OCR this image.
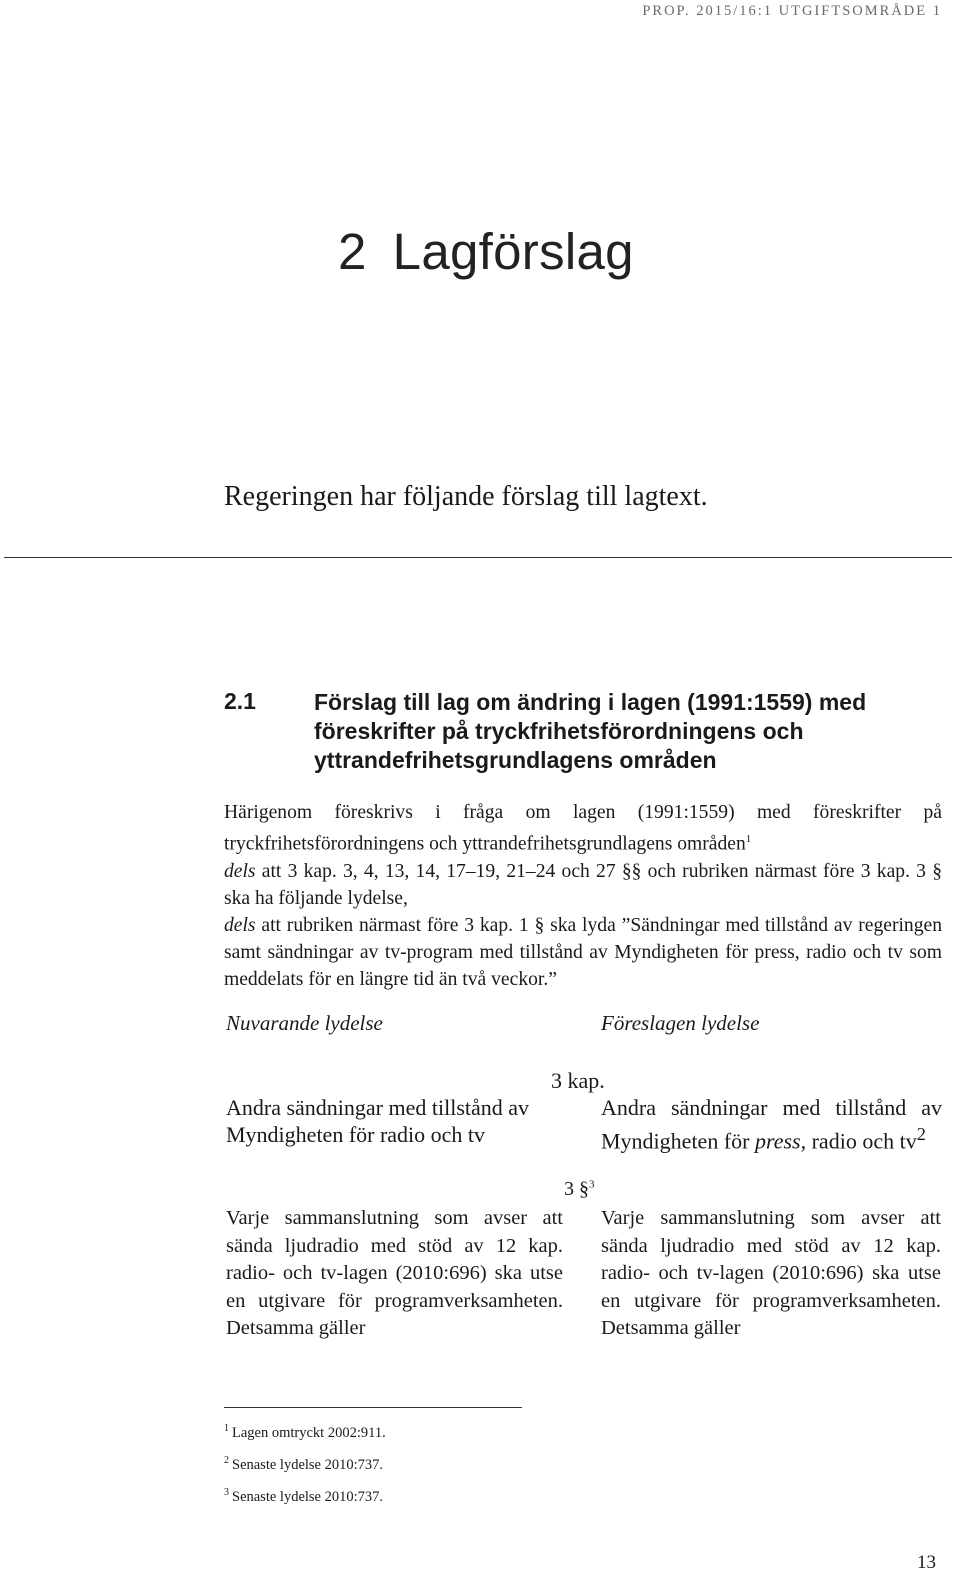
PROP. 2015/16:1 UTGIFTSOMRÅDE 1
2 Lagförslag

Regeringen har följande förslag till lagtext.

2.1	Förslag till lag om ändring i lagen (1991:1559) med föreskrifter på tryckfrihetsförordningens och yttrandefrihetsgrundlagens områden

Härigenom föreskrivs i fråga om lagen (1991:1559) med föreskrifter på tryckfrihetsförordningens och yttrandefrihetsgrundlagens områden$^1$

dels att 3 kap. 3, 4, 13, 14, 17–19, 21–24 och 27 §§ och rubriken närmast före 3 kap. 3 § ska ha följande lydelse,

dels att rubriken närmast före 3 kap. 1 § ska lyda ”Sändningar med tillstånd av regeringen samt sändningar av tv-program med tillstånd av Myndigheten för press, radio och tv som meddelats för en längre tid än två veckor.”

Nuvarande lydelse	Föreslagen lydelse
3 kap.

Andra sändningar med tillstånd av Myndigheten för radio och tv

Andra sändningar med tillstånd av Myndigheten för press, radio och $tv^2$

3 §$^3$

Varje sammanslutning som avser att sända ljudradio med stöd av 12 kap. radio- och tv-lagen (2010:696) ska utse en utgivare för programverksamheten. Detsamma gäller

Varje sammanslutning som avser att sända ljudradio med stöd av 12 kap. radio- och tv-lagen (2010:696) ska utse en utgivare för programverksamheten. Detsamma gäller

$^1$ Lagen omtryckt 2002:911.
$^2$ Senaste lydelse 2010:737.
$^3$ Senaste lydelse 2010:737.
13
